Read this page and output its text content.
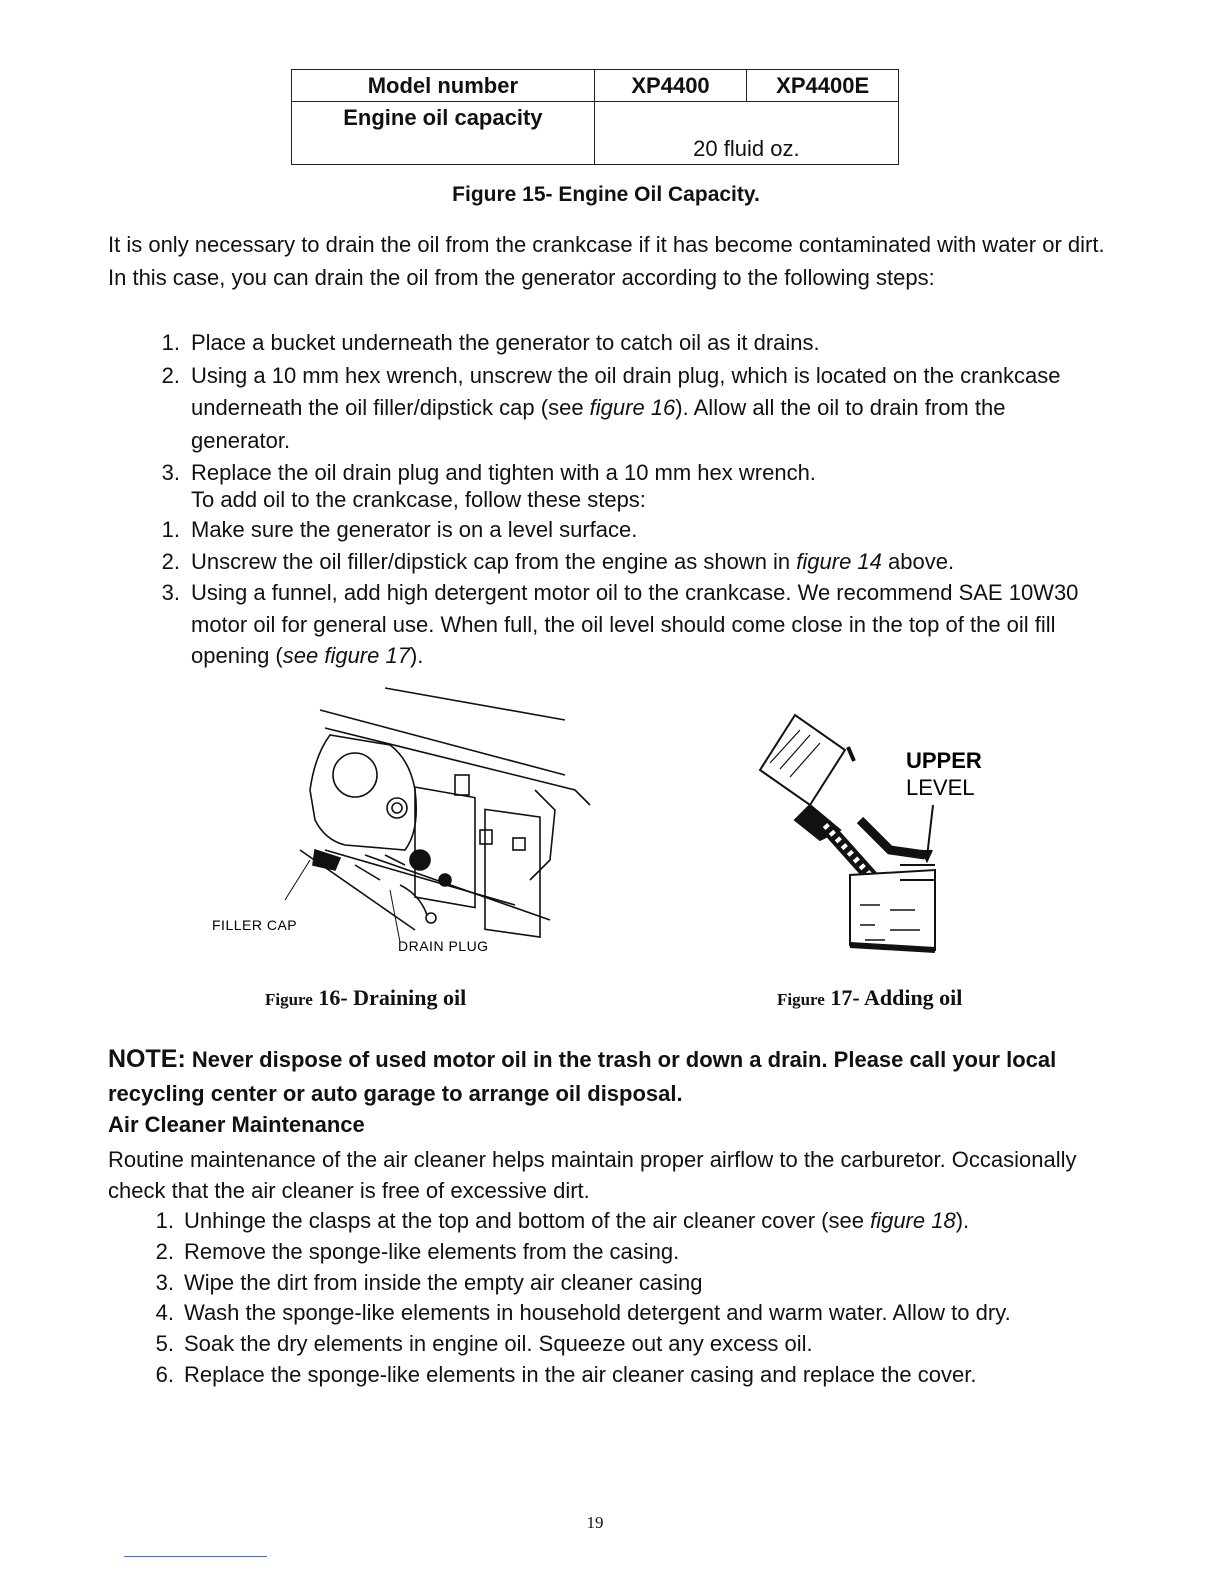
Model number	XP4400	XP4400E
Engine oil capacity	20 fluid oz.	
Figure 15- Engine Oil Capacity.
It is only necessary to drain the oil from the crankcase if it has become contaminated with water or dirt. In this case, you can drain the oil from the generator according to the following steps:
1. Place a bucket underneath the generator to catch oil as it drains.
2. Using a 10 mm hex wrench, unscrew the oil drain plug, which is located on the crankcase underneath the oil filler/dipstick cap (see figure 16). Allow all the oil to drain from the generator.
3. Replace the oil drain plug and tighten with a 10 mm hex wrench.
To add oil to the crankcase, follow these steps:
1. Make sure the generator is on a level surface.
2. Unscrew the oil filler/dipstick cap from the engine as shown in figure 14 above.
3. Using a funnel, add high detergent motor oil to the crankcase. We recommend SAE 10W30 motor oil for general use. When full, the oil level should come close in the top of the oil fill opening (see figure 17).
FILLER CAP
DRAIN PLUG
UPPER
LEVEL
Figure 16- Draining oil	Figure 17- Adding oil
NOTE: Never dispose of used motor oil in the trash or down a drain. Please call your local recycling center or auto garage to arrange oil disposal.
Air Cleaner Maintenance
Routine maintenance of the air cleaner helps maintain proper airflow to the carburetor. Occasionally check that the air cleaner is free of excessive dirt.
1. Unhinge the clasps at the top and bottom of the air cleaner cover (see figure 18).
2. Remove the sponge-like elements from the casing.
3. Wipe the dirt from inside the empty air cleaner casing
4. Wash the sponge-like elements in household detergent and warm water. Allow to dry.
5. Soak the dry elements in engine oil. Squeeze out any excess oil.
6. Replace the sponge-like elements in the air cleaner casing and replace the cover.
19
